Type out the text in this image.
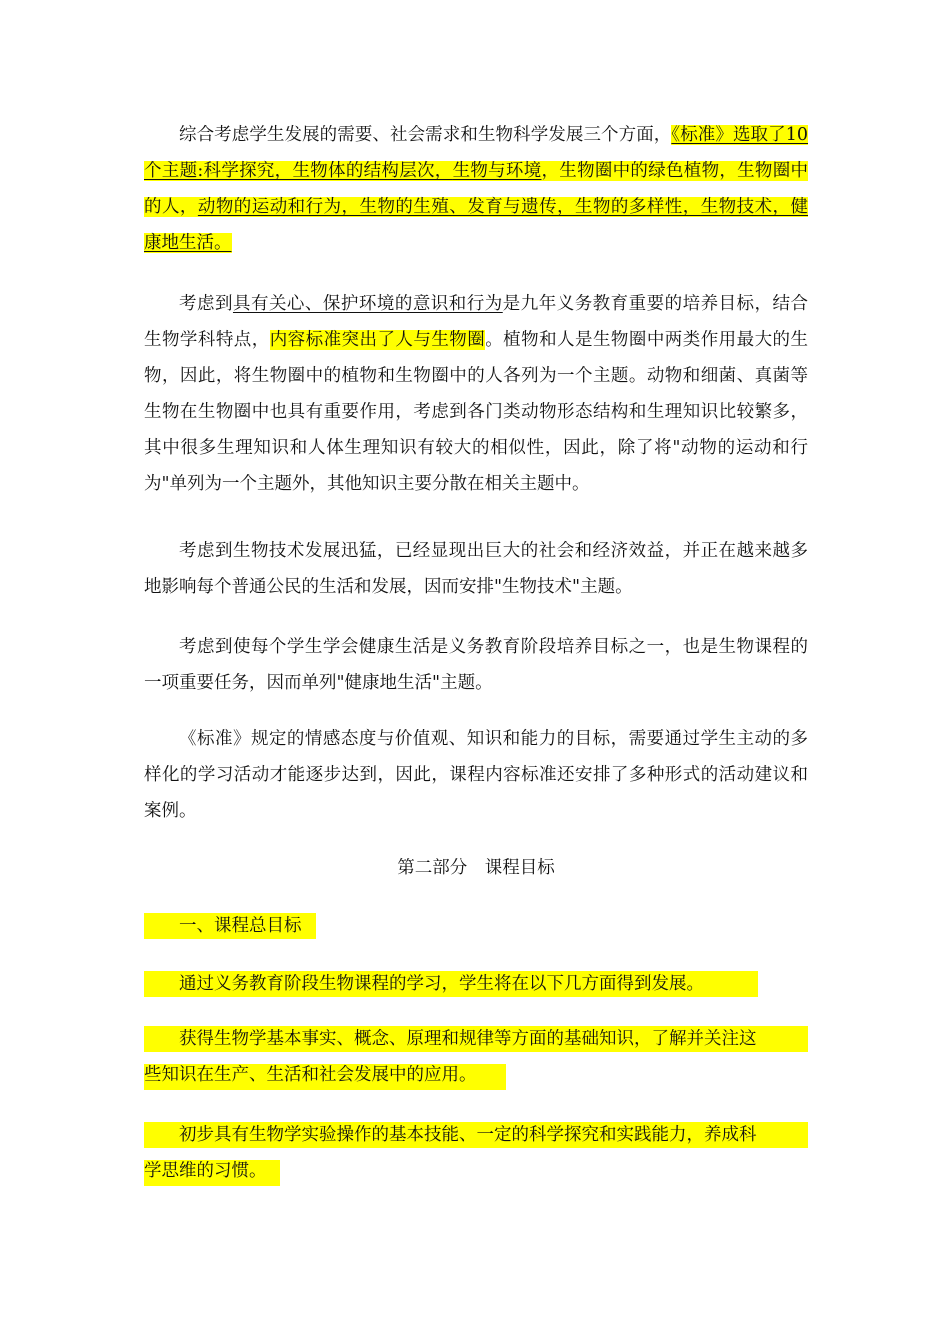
综合考虑学生发展的需要、社会需求和生物科学发展三个方面，《标准》选取了10个主题:科学探究，生物体的结构层次，生物与环境，生物圈中的绿色植物，生物圈中的人，动物的运动和行为，生物的生殖、发育与遗传，生物的多样性，生物技术，健康地生活。

考虑到具有关心、保护环境的意识和行为是九年义务教育重要的培养目标，结合生物学科特点，内容标准突出了人与生物圈。植物和人是生物圈中两类作用最大的生物，因此，将生物圈中的植物和生物圈中的人各列为一个主题。动物和细菌、真菌等生物在生物圈中也具有重要作用，考虑到各门类动物形态结构和生理知识比较繁多，其中很多生理知识和人体生理知识有较大的相似性，因此，除了将"动物的运动和行为"单列为一个主题外，其他知识主要分散在相关主题中。

考虑到生物技术发展迅猛，已经显现出巨大的社会和经济效益，并正在越来越多地影响每个普通公民的生活和发展，因而安排"生物技术"主题。

考虑到使每个学生学会健康生活是义务教育阶段培养目标之一，也是生物课程的一项重要任务，因而单列"健康地生活"主题。

《标准》规定的情感态度与价值观、知识和能力的目标，需要通过学生主动的多样化的学习活动才能逐步达到，因此，课程内容标准还安排了多种形式的活动建议和案例。

第二部分　课程目标

一、课程总目标

通过义务教育阶段生物课程的学习，学生将在以下几方面得到发展。

获得生物学基本事实、概念、原理和规律等方面的基础知识，了解并关注这
些知识在生产、生活和社会发展中的应用。

初步具有生物学实验操作的基本技能、一定的科学探究和实践能力，养成科
学思维的习惯。
